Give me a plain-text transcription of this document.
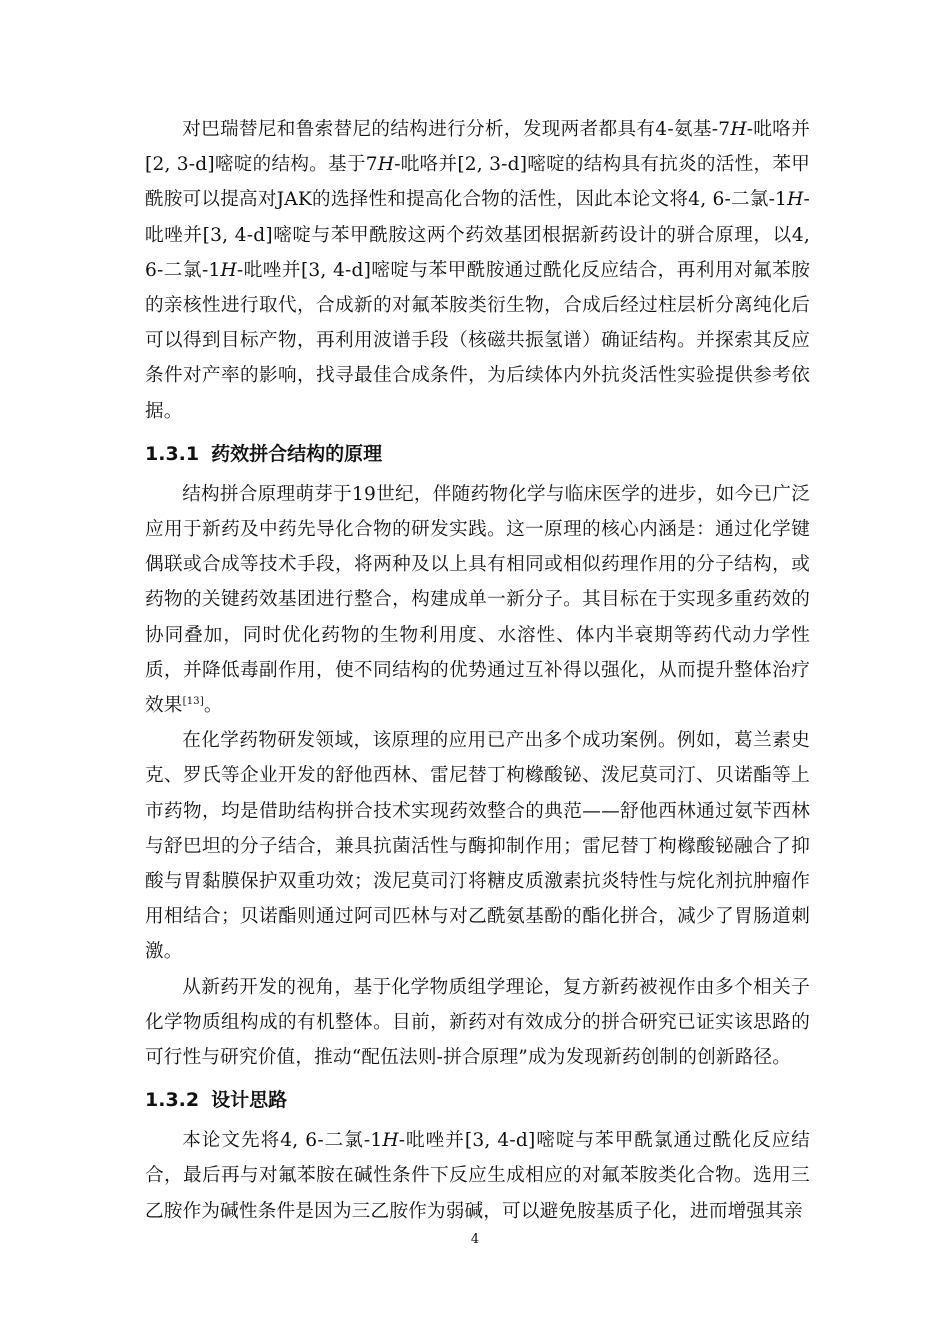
对巴瑞替尼和鲁索替尼的结构进行分析，发现两者都具有4-氨基-7H-吡咯并[2, 3-d]嘧啶的结构。基于7H-吡咯并[2, 3-d]嘧啶的结构具有抗炎的活性，苯甲酰胺可以提高对JAK的选择性和提高化合物的活性，因此本论文将4, 6-二氯-1H-吡唑并[3, 4-d]嘧啶与苯甲酰胺这两个药效基团根据新药设计的骈合原理，以4, 6-二氯-1H-吡唑并[3, 4-d]嘧啶与苯甲酰胺通过酰化反应结合，再利用对氟苯胺的亲核性进行取代，合成新的对氟苯胺类衍生物，合成后经过柱层析分离纯化后可以得到目标产物，再利用波谱手段（核磁共振氢谱）确证结构。并探索其反应条件对产率的影响，找寻最佳合成条件，为后续体内外抗炎活性实验提供参考依据。

1.3.1 药效拼合结构的原理

结构拼合原理萌芽于19世纪，伴随药物化学与临床医学的进步，如今已广泛应用于新药及中药先导化合物的研发实践。这一原理的核心内涵是：通过化学键偶联或合成等技术手段，将两种及以上具有相同或相似药理作用的分子结构，或药物的关键药效基团进行整合，构建成单一新分子。其目标在于实现多重药效的协同叠加，同时优化药物的生物利用度、水溶性、体内半衰期等药代动力学性质，并降低毒副作用，使不同结构的优势通过互补得以强化，从而提升整体治疗效果[13]。

在化学药物研发领域，该原理的应用已产出多个成功案例。例如，葛兰素史克、罗氏等企业开发的舒他西林、雷尼替丁枸橼酸铋、泼尼莫司汀、贝诺酯等上市药物，均是借助结构拼合技术实现药效整合的典范——舒他西林通过氨苄西林与舒巴坦的分子结合，兼具抗菌活性与酶抑制作用；雷尼替丁枸橼酸铋融合了抑酸与胃黏膜保护双重功效；泼尼莫司汀将糖皮质激素抗炎特性与烷化剂抗肿瘤作用相结合；贝诺酯则通过阿司匹林与对乙酰氨基酚的酯化拼合，减少了胃肠道刺激。

从新药开发的视角，基于化学物质组学理论，复方新药被视作由多个相关子化学物质组构成的有机整体。目前，新药对有效成分的拼合研究已证实该思路的可行性与研究价值，推动“配伍法则-拼合原理”成为发现新药创制的创新路径。

1.3.2 设计思路

本论文先将4, 6-二氯-1H-吡唑并[3, 4-d]嘧啶与苯甲酰氯通过酰化反应结合，最后再与对氟苯胺在碱性条件下反应生成相应的对氟苯胺类化合物。选用三乙胺作为碱性条件是因为三乙胺作为弱碱，可以避免胺基质子化，进而增强其亲

4
